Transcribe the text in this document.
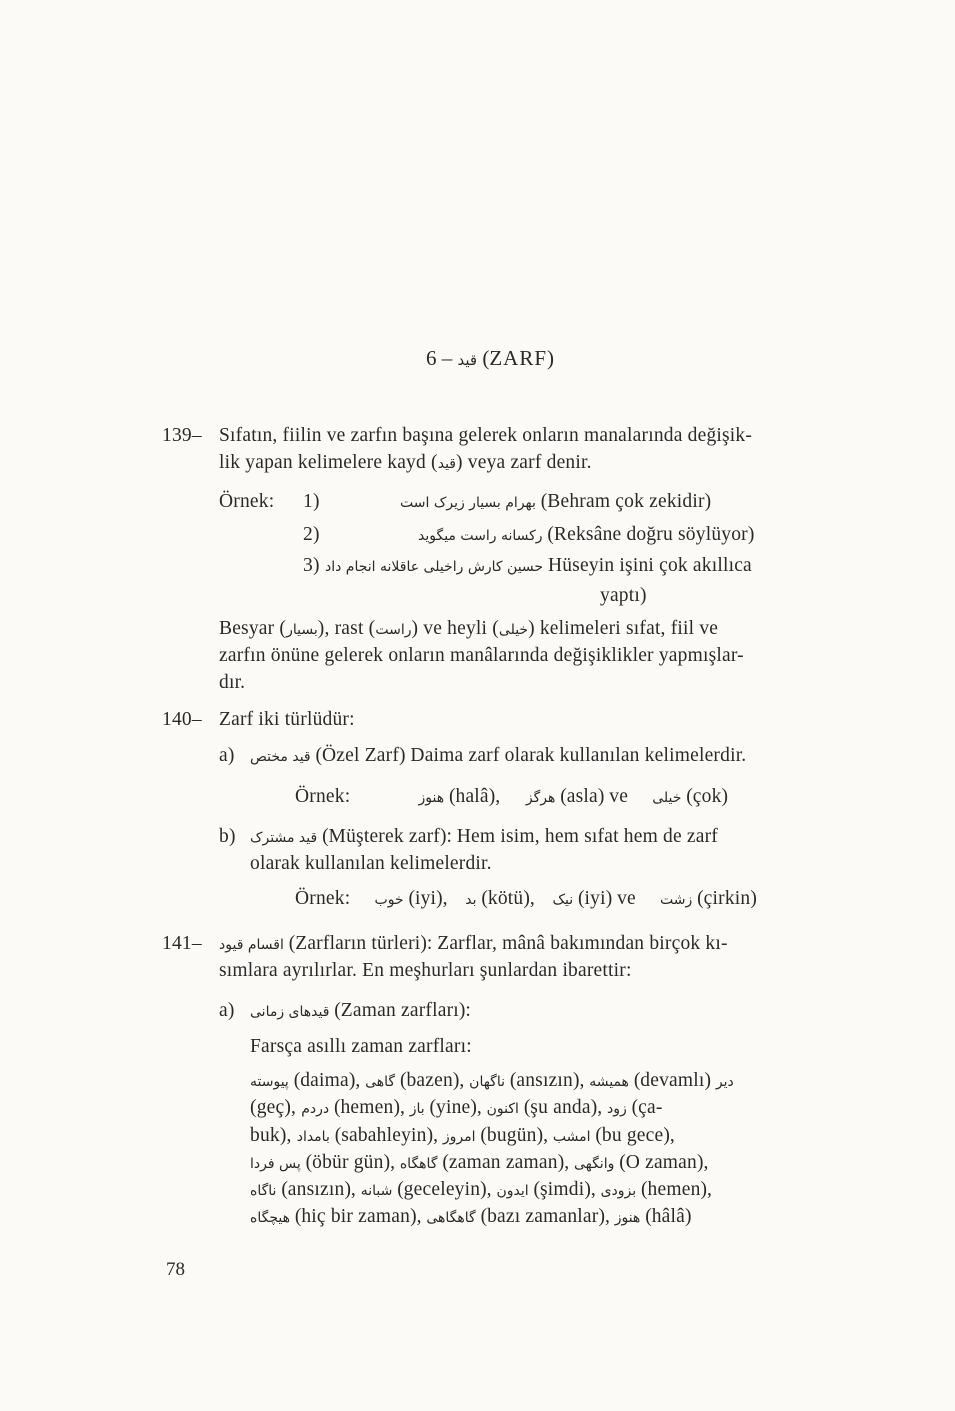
6 – قید (ZARF)
139– Sıfatın, fiilin ve zarfın başına gelerek onların manalarında değişik-
lik yapan kelimelere kayd (قید) veya zarf denir.
Örnek: 1)	بهرام بسیار زیرک است (Behram çok zekidir)
2)	رکسانه راست میگوید (Reksâne doğru söylüyor)
3) حسین کارش راخیلی عاقلانه انجام داد Hüseyin işini çok akıllıca
yaptı)
Besyar (بسیار), rast (راست) ve heyli (خیلی) kelimeleri sıfat, fiil ve
zarfın önüne gelerek onların manâlarında değişiklikler yapmışlar-
dır.
140– Zarf iki türlüdür:
a) قید مختص (Özel Zarf) Daima zarf olarak kullanılan kelimelerdir.
Örnek:	هنوز (halâ), هرگز (asla) ve خیلی (çok)
b) قید مشترک (Müşterek zarf): Hem isim, hem sıfat hem de zarf
olarak kullanılan kelimelerdir.
Örnek: خوب (iyi), بد (kötü), نیک (iyi) ve زشت (çirkin)
141– اقسام قیود (Zarfların türleri): Zarflar, mânâ bakımından birçok kı-
sımlara ayrılırlar. En meşhurları şunlardan ibarettir:
a) قیدهای زمانی (Zaman zarfları):
Farsça asıllı zaman zarfları:
پیوسته (daima), گاهی (bazen), ناگهان (ansızın), همیشه (devamlı) دیر
(geç), دردم (hemen), باز (yine), اکنون (şu anda), زود (ça-
buk), بامداد (sabahleyin), امروز (bugün), امشب (bu gece),
پس فردا (öbür gün), گاهگاه (zaman zaman), وانگهی (O zaman),
ناگاه (ansızın), شبانه (geceleyin), ایدون (şimdi), بزودی (hemen),
هیچگاه (hiç bir zaman), گاهگاهی (bazı zamanlar), هنوز (hâlâ)
78
